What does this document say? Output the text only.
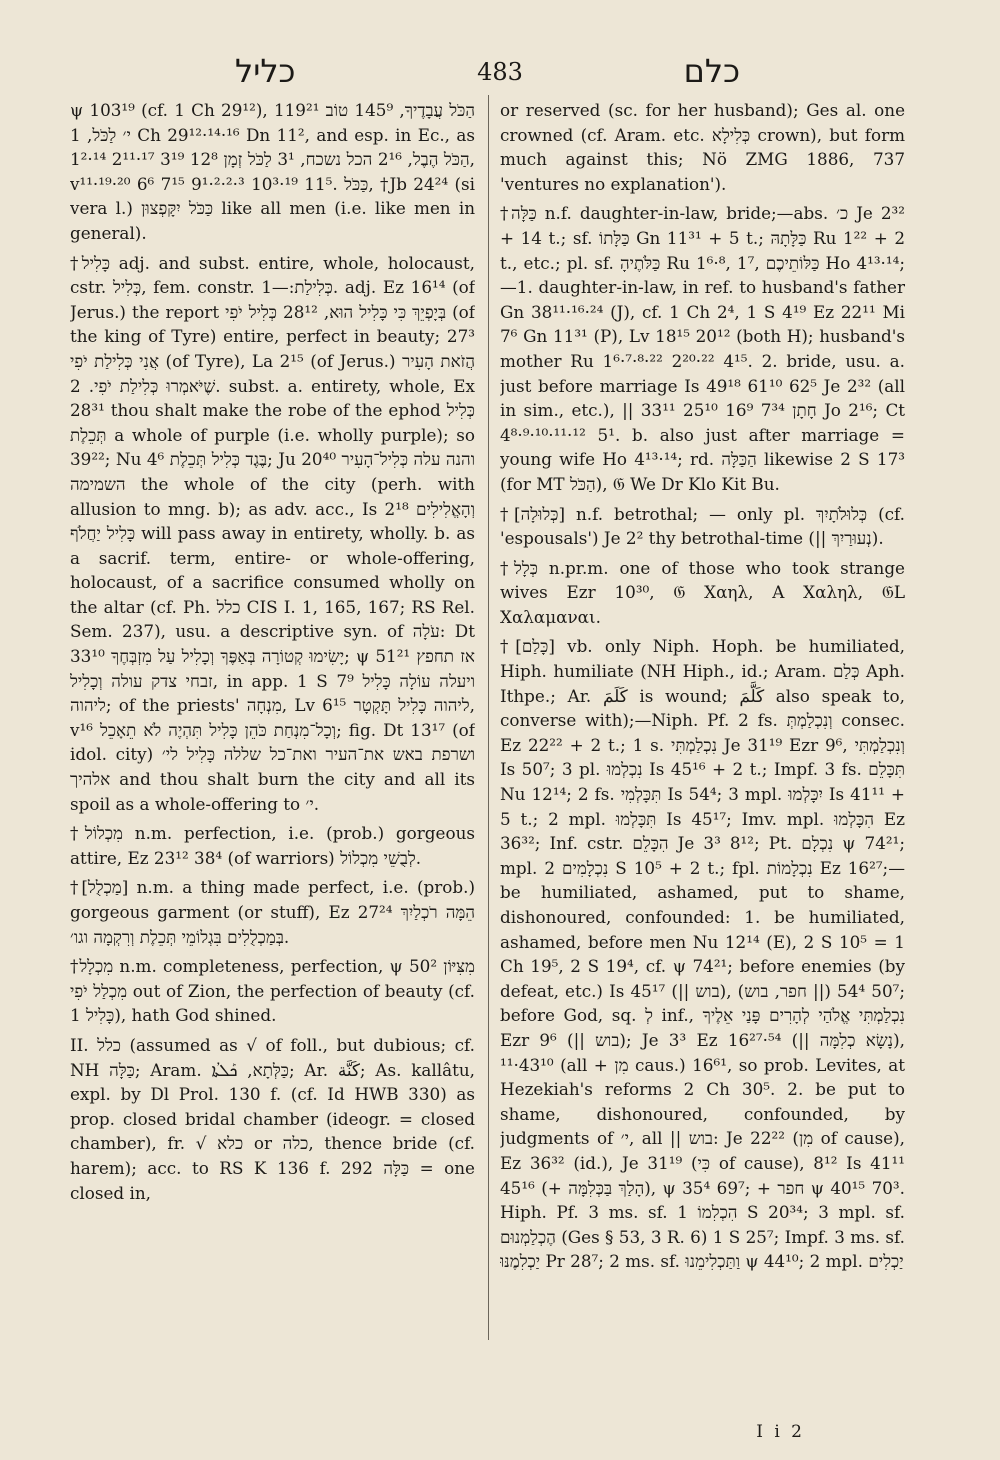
כליל	483	כלם

ψ 103¹⁹ (cf. 1 Ch 29¹²), 119²¹ הַכֹּל עֲבָדֶיךָ, 145⁹ טוֹב י׳ לַכֹּל, 1 Ch 29¹²·¹⁴·¹⁶ Dn 11², and esp. in Ec., as 1²·¹⁴ 2¹¹·¹⁷ 3¹⁹ 12⁸ הַכֹּל הֶבֶל, 2¹⁶ הכל נשכח, 3¹ לַכֹּל זְמָן, v¹¹·¹⁹·²⁰ 6⁶ 7¹⁵ 9¹·²·²·³ 10³·¹⁹ 11⁵. כַּכֹּל, †Jb 24²⁴ (si vera l.) כַּכֹּל יִקָּפְצוּן like all men (i.e. like men in general).

†כָּלִיל adj. and subst. entire, whole, holocaust, cstr. כְּלִיל, fem. constr. כְּלִילַת:—1. adj. Ez 16¹⁴ (of Jerus.) the report בְּיָפְיֵךְ כִּי כָּלִיל הוּא, 28¹² כְּלִיל יֹפִי (of the king of Tyre) entire, perfect in beauty; 27³ אֲנִי כְּלִילַת יֹפִי (of Tyre), La 2¹⁵ (of Jerus.) הֲזֹאת הָעִיר שֶׁיֹּאמְרוּ כְּלִילַת יֹפִי. 2. subst. a. entirety, whole, Ex 28³¹ thou shalt make the robe of the ephod כְּלִיל תְּכֵלֶת a whole of purple (i.e. wholly purple); so 39²²; Nu 4⁶ בֶּגֶד כְּלִיל תְּכֵלֶת; Ju 20⁴⁰ והנה עלה כְּלִיל־הָעִיר השמימה the whole of the city (perh. with allusion to mng. b); as adv. acc., Is 2¹⁸ וְהָאֱלִילִים כָּלִיל יַחֲלֹף will pass away in entirety, wholly. b. as a sacrif. term, entire- or whole-offering, holocaust, of a sacrifice consumed wholly on the altar (cf. Ph. כלל CIS I. 1, 165, 167; RS Rel. Sem. 237), usu. a descriptive syn. of עֹלָה: Dt 33¹⁰ יָשִׂימוּ קְטוֹרָה בְּאַפֶּךָ וְכָלִיל עַל מִזְבְּחֶךָ; ψ 51²¹ אז תחפץ זבחי צדק עולה וְכָלִיל, in app. 1 S 7⁹ ויעלה עוֹלָה כָּלִיל ליהוה; of the priests' מִנְחָה, Lv 6¹⁵ ליהוה כָּלִיל תָּקְטָר, v¹⁶ וְכָל־מִנְחַת כֹּהֵן כָּלִיל תִּהְיֶה לֹא תֵאָכֵל; fig. Dt 13¹⁷ (of idol. city) ושרפת באש את־העיר ואת־כל שללה כָּלִיל לי׳ אלהיך and thou shalt burn the city and all its spoil as a whole-offering to י׳.

†מִכְלוֹל n.m. perfection, i.e. (prob.) gorgeous attire, Ez 23¹² 38⁴ (of warriors) לְבֻשֵׁי מִכְלוֹל.

†[מַכְלֻל] n.m. a thing made perfect, i.e. (prob.) gorgeous garment (or stuff), Ez 27²⁴ הֵמָּה רֹכְלַיִךְ בְּמַכְלֻלִים בִּגְלוֹמֵי תְּכֵלֶת וְרִקְמָה וגו׳.

†מִכְלָל n.m. completeness, perfection, ψ 50² מִצִּיּוֹן מִכְלַל יֹפִי out of Zion, the perfection of beauty (cf. כָּלִיל 1), hath God shined.

II. כלל (assumed as √ of foll., but dubious; cf. NH כַּלָּה; Aram. כַּלְּתָא, ܟܰܠܬܳܐ; Ar. كَنَّة; As. kallâtu, expl. by Dl Prol. 130 f. (cf. Id HWB 330) as prop. closed bridal chamber (ideogr. = closed chamber), fr. √ כלא or כלה, thence bride (cf. harem); acc. to RS K 136 f. 292 כַּלָּה = one closed in,

or reserved (sc. for her husband); Ges al. one crowned (cf. Aram. etc. כְּלִילָא crown), but form much against this; Nö ZMG 1886, 737 'ventures no explanation').

†כַּלָּה n.f. daughter-in-law, bride;—abs. כ׳ Je 2³² + 14 t.; sf. כַּלָּתוֹ Gn 11³¹ + 5 t.; כַּלָּתָהּ Ru 1²² + 2 t., etc.; pl. sf. כַּלֹּתֶיהָ Ru 1⁶·⁸, 1⁷, כַּלּוֹתֵיכֶם Ho 4¹³·¹⁴;—1. daughter-in-law, in ref. to husband's father Gn 38¹¹·¹⁶·²⁴ (J), cf. 1 Ch 2⁴, 1 S 4¹⁹ Ez 22¹¹ Mi 7⁶ Gn 11³¹ (P), Lv 18¹⁵ 20¹² (both H); husband's mother Ru 1⁶·⁷·⁸·²² 2²⁰·²² 4¹⁵. 2. bride, usu. a. just before marriage Is 49¹⁸ 61¹⁰ 62⁵ Je 2³² (all in sim., etc.), || חָתָן 7³⁴ 16⁹ 25¹⁰ 33¹¹ Jo 2¹⁶; Ct 4⁸·⁹·¹⁰·¹¹·¹² 5¹. b. also just after marriage = young wife Ho 4¹³·¹⁴; rd. הַכַּלָּה likewise 2 S 17³ (for MT הַכֹּל), 𝔊 We Dr Klo Kit Bu.

†[כְּלוּלָה] n.f. betrothal; — only pl. כְּלוּלֹתָיִךְ (cf. 'espousals') Je 2² thy betrothal-time (|| נְעוּרַיִךְ).

†כְּלָל n.pr.m. one of those who took strange wives Ezr 10³⁰, 𝔊 Χαηλ, A Χαληλ, 𝔊L Χαλαμαναι.

†[כָּלַם] vb. only Niph. Hoph. be humiliated, Hiph. humiliate (NH Hiph., id.; Aram. כְּלַם Aph. Ithpe.; Ar. كَلَمَ is wound; كَلَّمَ also speak to, converse with);—Niph. Pf. 2 fs. וְנִכְלַמְתְּ consec. Ez 22²² + 2 t.; 1 s. נִכְלַמְתִּי Je 31¹⁹ Ezr 9⁶, וְנִכְלַמְתִּי Is 50⁷; 3 pl. נִכְלְמוּ Is 45¹⁶ + 2 t.; Impf. 3 fs. תִּכָּלֵם Nu 12¹⁴; 2 fs. תִּכָּלְמִי Is 54⁴; 3 mpl. יִכָּלְמוּ Is 41¹¹ + 5 t.; 2 mpl. תִּכָּלְמוּ Is 45¹⁷; Imv. mpl. הִכָּלְמוּ Ez 36³²; Inf. cstr. הִכָּלֵם Je 3³ 8¹²; Pt. נִכְלָם ψ 74²¹; mpl. נִכְלָמִים 2 S 10⁵ + 2 t.; fpl. נִכְלָמוֹת Ez 16²⁷;—be humiliated, ashamed, put to shame, dishonoured, confounded: 1. be humiliated, ashamed, before men Nu 12¹⁴ (E), 2 S 10⁵ = 1 Ch 19⁵, 2 S 19⁴, cf. ψ 74²¹; before enemies (by defeat, etc.) Is 45¹⁷ (|| בוש), 50⁷ 54⁴ (|| חפר, בוש); before God, sq. לְ inf., נִכְלַמְתִּי אֱלֹהַי לְהָרִים פָּנַי אֵלֶיךָ Ezr 9⁶ (|| בוש); Je 3³ Ez 16²⁷·⁵⁴ (|| נָשָׂא כְלִמָּה), 43¹⁰·¹¹ (all + מִן caus.) 16⁶¹, so prob. Levites, at Hezekiah's reforms 2 Ch 30⁵. 2. be put to shame, dishonoured, confounded, by judgments of י׳, all || בוש: Je 22²² (מִן of cause), Ez 36³² (id.), Je 31¹⁹ (כִּי of cause), 8¹² Is 41¹¹ 45¹⁶ (+ הָלַךְ בַּכְּלִמָּה), ψ 35⁴ 69⁷; + חפר ψ 40¹⁵ 70³. Hiph. Pf. 3 ms. sf. הִכְלִמוֹ 1 S 20³⁴; 3 mpl. sf. הֶכְלַמְנוּם (Ges § 53, 3 R. 6) 1 S 25⁷; Impf. 3 ms. sf. יַכְלִמֶנּוּ Pr 28⁷; 2 ms. sf. וַתַּכְלִימֵנוּ ψ 44¹⁰; 2 mpl. יַכְלִים

I i 2
